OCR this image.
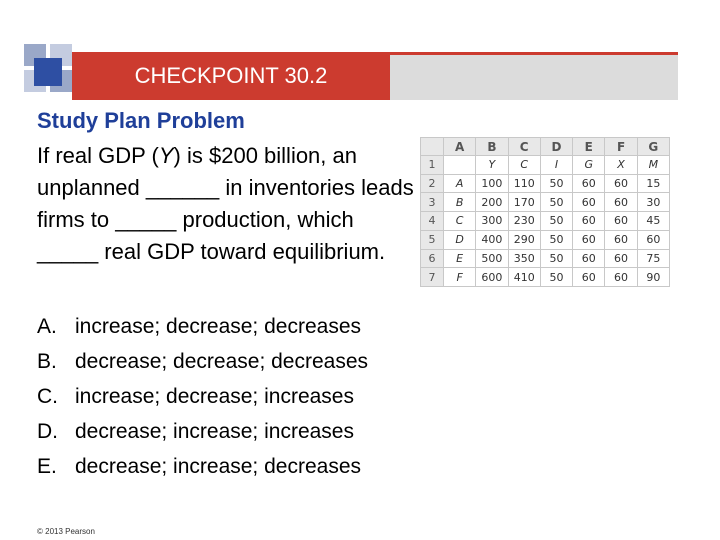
CHECKPOINT 30.2
Study Plan Problem
If real GDP (Y) is $200 billion, an unplanned ______ in inventories leads firms to _____ production, which _____ real GDP toward equilibrium.
A. increase; decrease; decreases
B. decrease; decrease; decreases
C. increase; decrease; increases
D. decrease; increase; increases
E. decrease; increase; decreases
	A	B	C	D	E	F	G
1		Y	C	I	G	X	M
2	A	100	110	50	60	60	15
3	B	200	170	50	60	60	30
4	C	300	230	50	60	60	45
5	D	400	290	50	60	60	60
6	E	500	350	50	60	60	75
7	F	600	410	50	60	60	90
© 2013 Pearson
